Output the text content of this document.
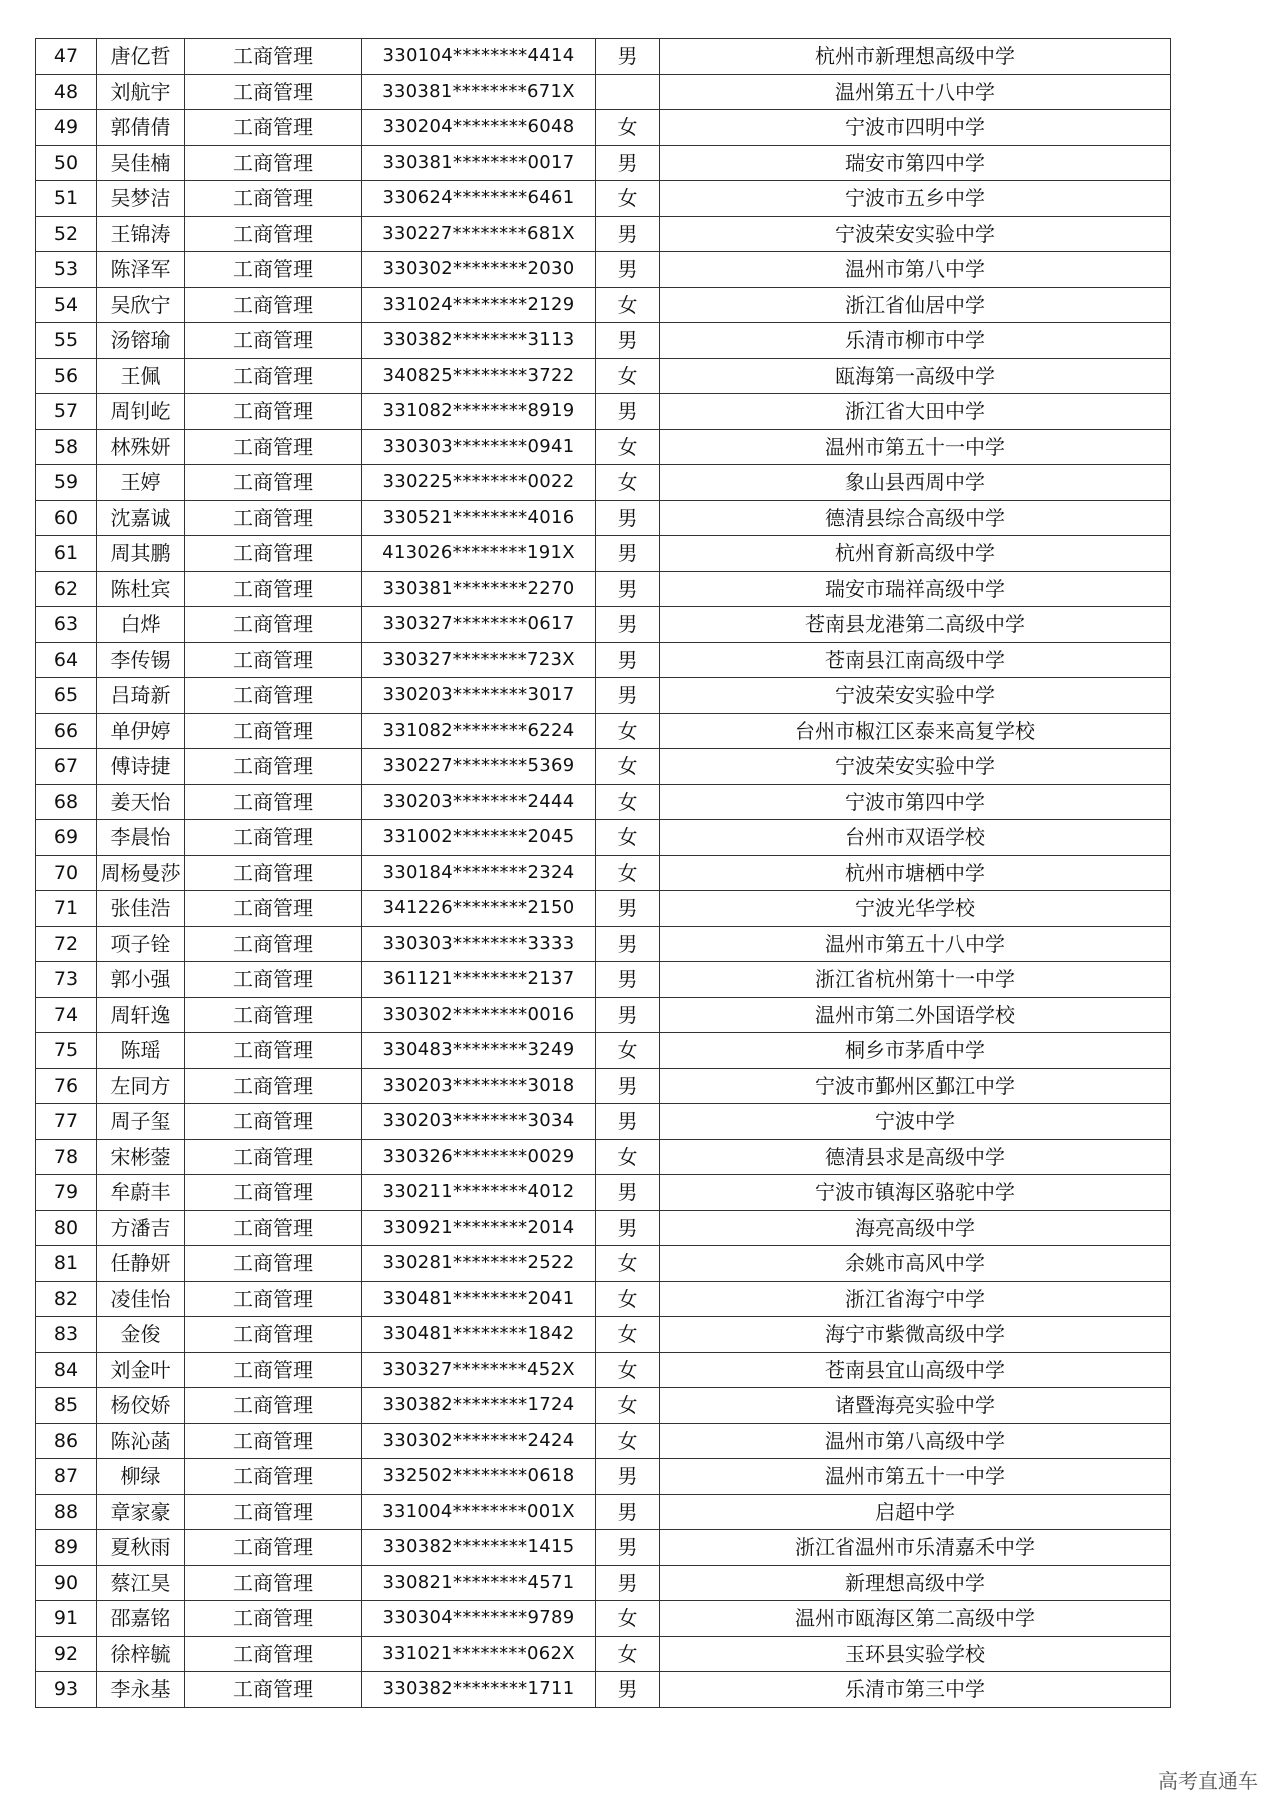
47	唐亿哲	工商管理	330104********4414	男	杭州市新理想高级中学
48	刘航宇	工商管理	330381********671X		温州第五十八中学
49	郭倩倩	工商管理	330204********6048	女	宁波市四明中学
50	吴佳楠	工商管理	330381********0017	男	瑞安市第四中学
51	吴梦洁	工商管理	330624********6461	女	宁波市五乡中学
52	王锦涛	工商管理	330227********681X	男	宁波荣安实验中学
53	陈泽军	工商管理	330302********2030	男	温州市第八中学
54	吴欣宁	工商管理	331024********2129	女	浙江省仙居中学
55	汤镕瑜	工商管理	330382********3113	男	乐清市柳市中学
56	王佩	工商管理	340825********3722	女	瓯海第一高级中学
57	周钊屹	工商管理	331082********8919	男	浙江省大田中学
58	林殊妍	工商管理	330303********0941	女	温州市第五十一中学
59	王婷	工商管理	330225********0022	女	象山县西周中学
60	沈嘉诚	工商管理	330521********4016	男	德清县综合高级中学
61	周其鹏	工商管理	413026********191X	男	杭州育新高级中学
62	陈杜宾	工商管理	330381********2270	男	瑞安市瑞祥高级中学
63	白烨	工商管理	330327********0617	男	苍南县龙港第二高级中学
64	李传锡	工商管理	330327********723X	男	苍南县江南高级中学
65	吕琦新	工商管理	330203********3017	男	宁波荣安实验中学
66	单伊婷	工商管理	331082********6224	女	台州市椒江区泰来高复学校
67	傅诗捷	工商管理	330227********5369	女	宁波荣安实验中学
68	姜天怡	工商管理	330203********2444	女	宁波市第四中学
69	李晨怡	工商管理	331002********2045	女	台州市双语学校
70	周杨曼莎	工商管理	330184********2324	女	杭州市塘栖中学
71	张佳浩	工商管理	341226********2150	男	宁波光华学校
72	项子铨	工商管理	330303********3333	男	温州市第五十八中学
73	郭小强	工商管理	361121********2137	男	浙江省杭州第十一中学
74	周轩逸	工商管理	330302********0016	男	温州市第二外国语学校
75	陈瑶	工商管理	330483********3249	女	桐乡市茅盾中学
76	左同方	工商管理	330203********3018	男	宁波市鄞州区鄞江中学
77	周子玺	工商管理	330203********3034	男	宁波中学
78	宋彬蓥	工商管理	330326********0029	女	德清县求是高级中学
79	牟蔚丰	工商管理	330211********4012	男	宁波市镇海区骆驼中学
80	方潘吉	工商管理	330921********2014	男	海亮高级中学
81	任静妍	工商管理	330281********2522	女	余姚市高风中学
82	凌佳怡	工商管理	330481********2041	女	浙江省海宁中学
83	金俊	工商管理	330481********1842	女	海宁市紫微高级中学
84	刘金叶	工商管理	330327********452X	女	苍南县宜山高级中学
85	杨佼娇	工商管理	330382********1724	女	诸暨海亮实验中学
86	陈沁菡	工商管理	330302********2424	女	温州市第八高级中学
87	柳绿	工商管理	332502********0618	男	温州市第五十一中学
88	章家豪	工商管理	331004********001X	男	启超中学
89	夏秋雨	工商管理	330382********1415	男	浙江省温州市乐清嘉禾中学
90	蔡江昊	工商管理	330821********4571	男	新理想高级中学
91	邵嘉铭	工商管理	330304********9789	女	温州市瓯海区第二高级中学
92	徐梓毓	工商管理	331021********062X	女	玉环县实验学校
93	李永基	工商管理	330382********1711	男	乐清市第三中学
高考直通车
